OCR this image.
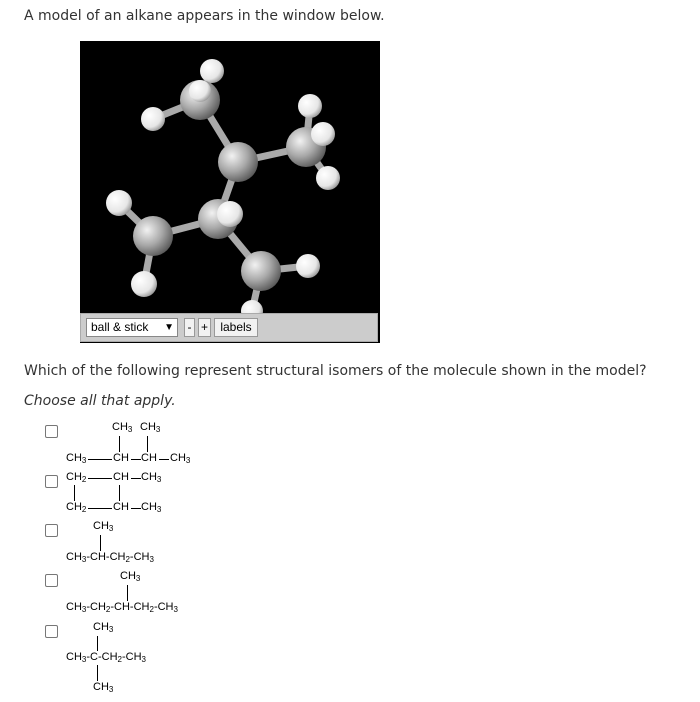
A model of an alkane appears in the window below.
ball & stick ▼ - +	labels
Which of the following represent structural isomers of the molecule shown in the model?
Choose all that apply.
$CH_3$ $CH_3$
$CH_3$ CH CH $CH_3$
$CH_2$ CH $CH_3$
$CH_2$ CH $CH_3$
$CH_3$
$CH_3-CH-CH_2-CH_3$
$CH_3$
$CH_3-CH_2-CH-CH_2-CH_3$
$CH_3$
$CH_3-C-CH_2-CH_3$
$CH_3$
